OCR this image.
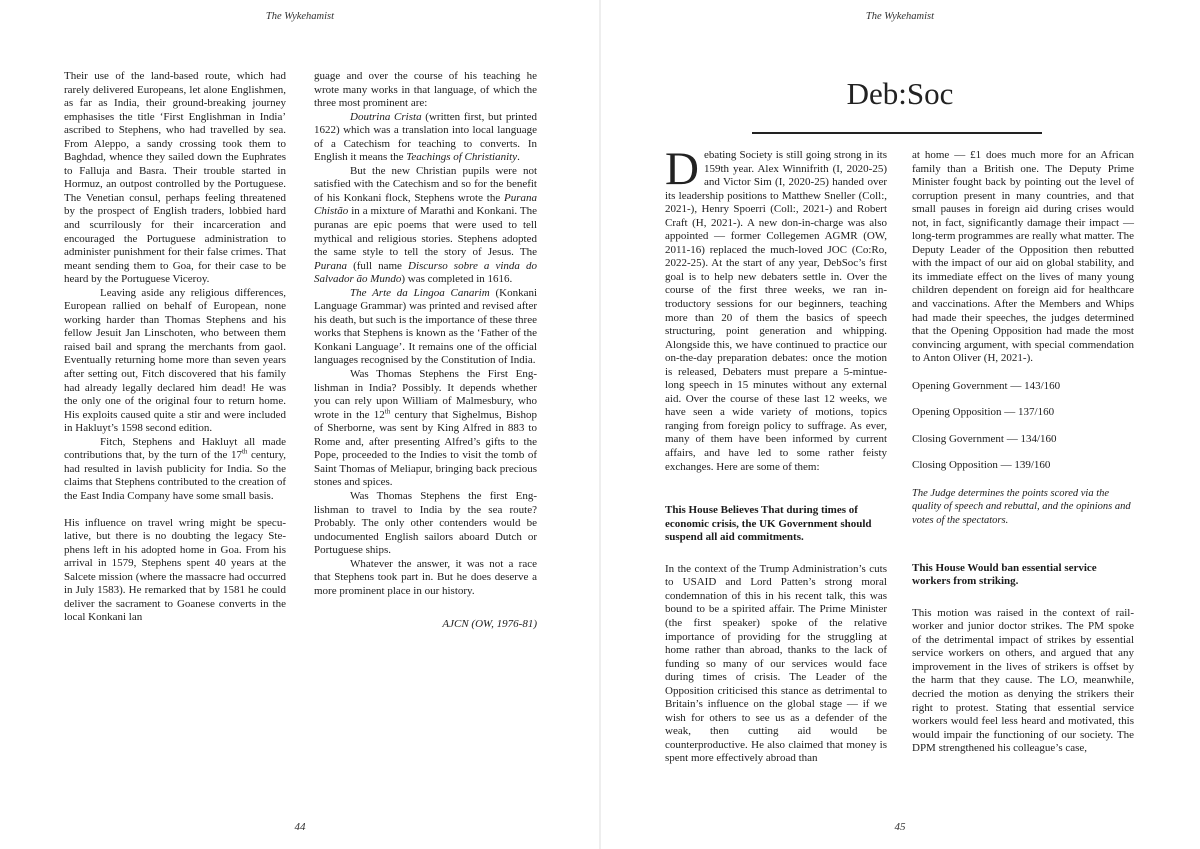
The Wykehamist

Their use of the land-based route, which had rarely delivered Europeans, let alone Englishmen, as far as India, their ground-breaking journey emphasises the title ‘First Englishman in India’ ascribed to Stephens, who had travelled by sea. From Aleppo, a sandy crossing took them to Baghdad, whence they sailed down the Euphrates to Falluja and Basra. Their trouble started in Hormuz, an outpost controlled by the Portuguese. The Venetian consul, perhaps feeling threatened by the prospect of English traders, lobbied hard and scurrilously for their incarceration and encouraged the Portuguese administration to administer punishment for their false crimes. That meant sending them to Goa, for their case to be heard by the Portuguese Viceroy.

Leaving aside any religious differences, European rallied on behalf of European, none working harder than Thomas Stephens and his fellow Jesuit Jan Linschoten, who between them raised bail and sprang the merchants from gaol. Eventually returning home more than seven years after setting out, Fitch discovered that his family had already legally declared him dead! He was the only one of the original four to return home. His exploits caused quite a stir and were included in Hakluyt’s 1598 second edition.

Fitch, Stephens and Hakluyt all made contributions that, by the turn of the 17th century, had resulted in lavish publicity for India. So the claims that Stephens contributed to the creation of the East India Company have some small basis.

His influence on travel wring might be speculative, but there is no doubting the legacy Stephens left in his adopted home in Goa. From his arrival in 1579, Stephens spent 40 years at the Salcete mission (where the massacre had occurred in July 1583). He remarked that by 1581 he could deliver the sacrament to Goanese converts in the local Konkani lan

guage and over the course of his teaching he wrote many works in that language, of which the three most prominent are:

Doutrina Crista (written first, but printed 1622) which was a translation into local language of a Catechism for teaching to converts. In English it means the Teachings of Christianity.

But the new Christian pupils were not satisfied with the Catechism and so for the benefit of his Konkani flock, Stephens wrote the Purana Chistão in a mixture of Marathi and Konkani. The puranas are epic poems that were used to tell mythical and religious stories. Stephens adopted the same style to tell the story of Jesus. The Purana (full name Discurso sobre a vinda do Salvador ão Mundo) was completed in 1616.

The Arte da Lingoa Canarim (Konkani Language Grammar) was printed and revised after his death, but such is the importance of these three works that Stephens is known as the ‘Father of the Konkani Language’. It remains one of the official languages recognised by the Constitution of India.

Was Thomas Stephens the First Englishman in India? Possibly. It depends whether you can rely upon William of Malmesbury, who wrote in the 12th century that Sighelmus, Bishop of Sherborne, was sent by King Alfred in 883 to Rome and, after presenting Alfred’s gifts to the Pope, proceeded to the Indies to visit the tomb of Saint Thomas of Meliapur, bringing back precious stones and spices.

Was Thomas Stephens the first Englishman to travel to India by the sea route? Probably. The only other contenders would be undocumented English sailors aboard Dutch or Portuguese ships.

Whatever the answer, it was not a race that Stephens took part in. But he does deserve a more prominent place in our history.

AJCN (OW, 1976-81)

44
The Wykehamist
45
Deb:Soc

Debating Society is still going strong in its 159th year. Alex Winnifrith (I, 2020-25) and Victor Sim (I, 2020-25) handed over its leadership positions to Matthew Sneller (Coll:, 2021-), Henry Spoerri (Coll:, 2021-) and Robert Craft (H, 2021-). A new don-in-charge was also appointed — former Collegemen AGMR (OW, 2011-16) replaced the much-loved JOC (Co:Ro, 2022-25). At the start of any year, DebSoc’s first goal is to help new debaters settle in. Over the course of the first three weeks, we ran introductory sessions for our beginners, teaching more than 20 of them the basics of speech structuring, point generation and whipping. Alongside this, we have continued to practice our on-the-day preparation debates: once the motion is released, Debaters must prepare a 5-mintue-long speech in 15 minutes without any external aid. Over the course of these last 12 weeks, we have seen a wide variety of motions, topics ranging from foreign policy to suffrage. As ever, many of them have been informed by current affairs, and have led to some rather feisty exchanges. Here are some of them:

This House Believes That during times of economic crisis, the UK Government should suspend all aid commitments.

In the context of the Trump Administration’s cuts to USAID and Lord Patten’s strong moral condemnation of this in his recent talk, this was bound to be a spirited affair. The Prime Minister (the first speaker) spoke of the relative importance of providing for the struggling at home rather than abroad, thanks to the lack of funding so many of our services would face during times of crisis. The Leader of the Opposition criticised this stance as detrimental to Britain’s influence on the global stage — if we wish for others to see us as a defender of the weak, then cutting aid would be counterproductive. He also claimed that money is spent more effectively abroad than

at home — £1 does much more for an African family than a British one. The Deputy Prime Minister fought back by pointing out the level of corruption present in many countries, and that small pauses in foreign aid during crises would not, in fact, significantly damage their impact — long-term programmes are really what matter. The Deputy Leader of the Opposition then rebutted with the impact of our aid on global stability, and its immediate effect on the lives of many young children dependent on foreign aid for healthcare and vaccinations. After the Members and Whips had made their speeches, the judges determined that the Opening Opposition had made the most convincing argument, with special commendation to Anton Oliver (H, 2021-).

Opening Government — 143/160

Opening Opposition — 137/160

Closing Government — 134/160

Closing Opposition — 139/160

The Judge determines the points scored via the quality of speech and rebuttal, and the opinions and votes of the spectators.

This House Would ban essential service workers from striking.

This motion was raised in the context of rail-worker and junior doctor strikes. The PM spoke of the detrimental impact of strikes by essential service workers on others, and argued that any improvement in the lives of strikers is offset by the harm that they cause. The LO, meanwhile, decried the motion as denying the strikers their right to protest. Stating that essential service workers would feel less heard and motivated, this would impair the functioning of our society. The DPM strengthened his colleague’s case,
